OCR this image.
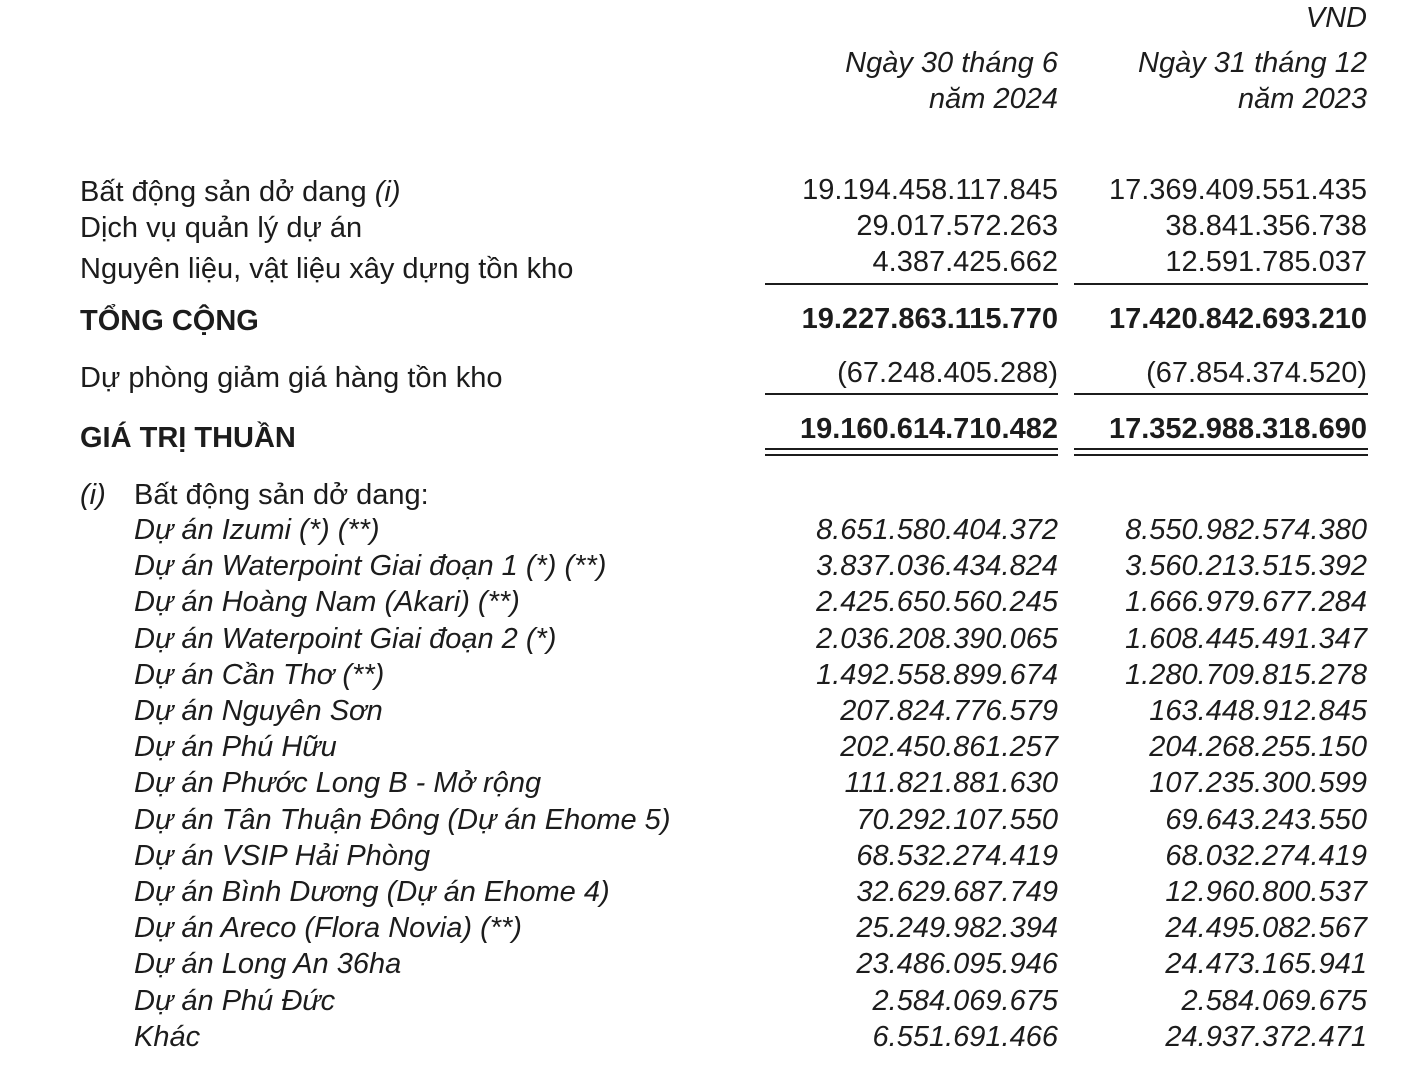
VND
Ngày 30 tháng 6
năm 2024
Ngày 31 tháng 12
năm 2023
Bất động sản dở dang (i)	19.194.458.117.845 17.369.409.551.435
Dịch vụ quản lý dự án	29.017.572.263	38.841.356.738
Nguyên liệu, vật liệu xây dựng tồn kho	4.387.425.662	12.591.785.037
TỔNG CỘNG	19.227.863.115.770 17.420.842.693.210
Dự phòng giảm giá hàng tồn kho	(67.248.405.288)	(67.854.374.520)
GIÁ TRỊ THUẦN	19.160.614.710.482 17.352.988.318.690
(i) Bất động sản dở dang:
Dự án Izumi (*) (**)	8.651.580.404.372 8.550.982.574.380
Dự án Waterpoint Giai đoạn 1 (*) (**)	3.837.036.434.824 3.560.213.515.392
Dự án Hoàng Nam (Akari) (**)	2.425.650.560.245 1.666.979.677.284
Dự án Waterpoint Giai đoạn 2 (*)	2.036.208.390.065 1.608.445.491.347
Dự án Cần Thơ (**)	1.492.558.899.674 1.280.709.815.278
Dự án Nguyên Sơn	207.824.776.579	163.448.912.845
Dự án Phú Hữu	202.450.861.257	204.268.255.150
Dự án Phước Long B - Mở rộng	111.821.881.630	107.235.300.599
Dự án Tân Thuận Đông (Dự án Ehome 5)	70.292.107.550	69.643.243.550
Dự án VSIP Hải Phòng	68.532.274.419	68.032.274.419
Dự án Bình Dương (Dự án Ehome 4)	32.629.687.749	12.960.800.537
Dự án Areco (Flora Novia) (**)	25.249.982.394	24.495.082.567
Dự án Long An 36ha	23.486.095.946	24.473.165.941
Dự án Phú Đức	2.584.069.675	2.584.069.675
Khác	6.551.691.466	24.937.372.471
